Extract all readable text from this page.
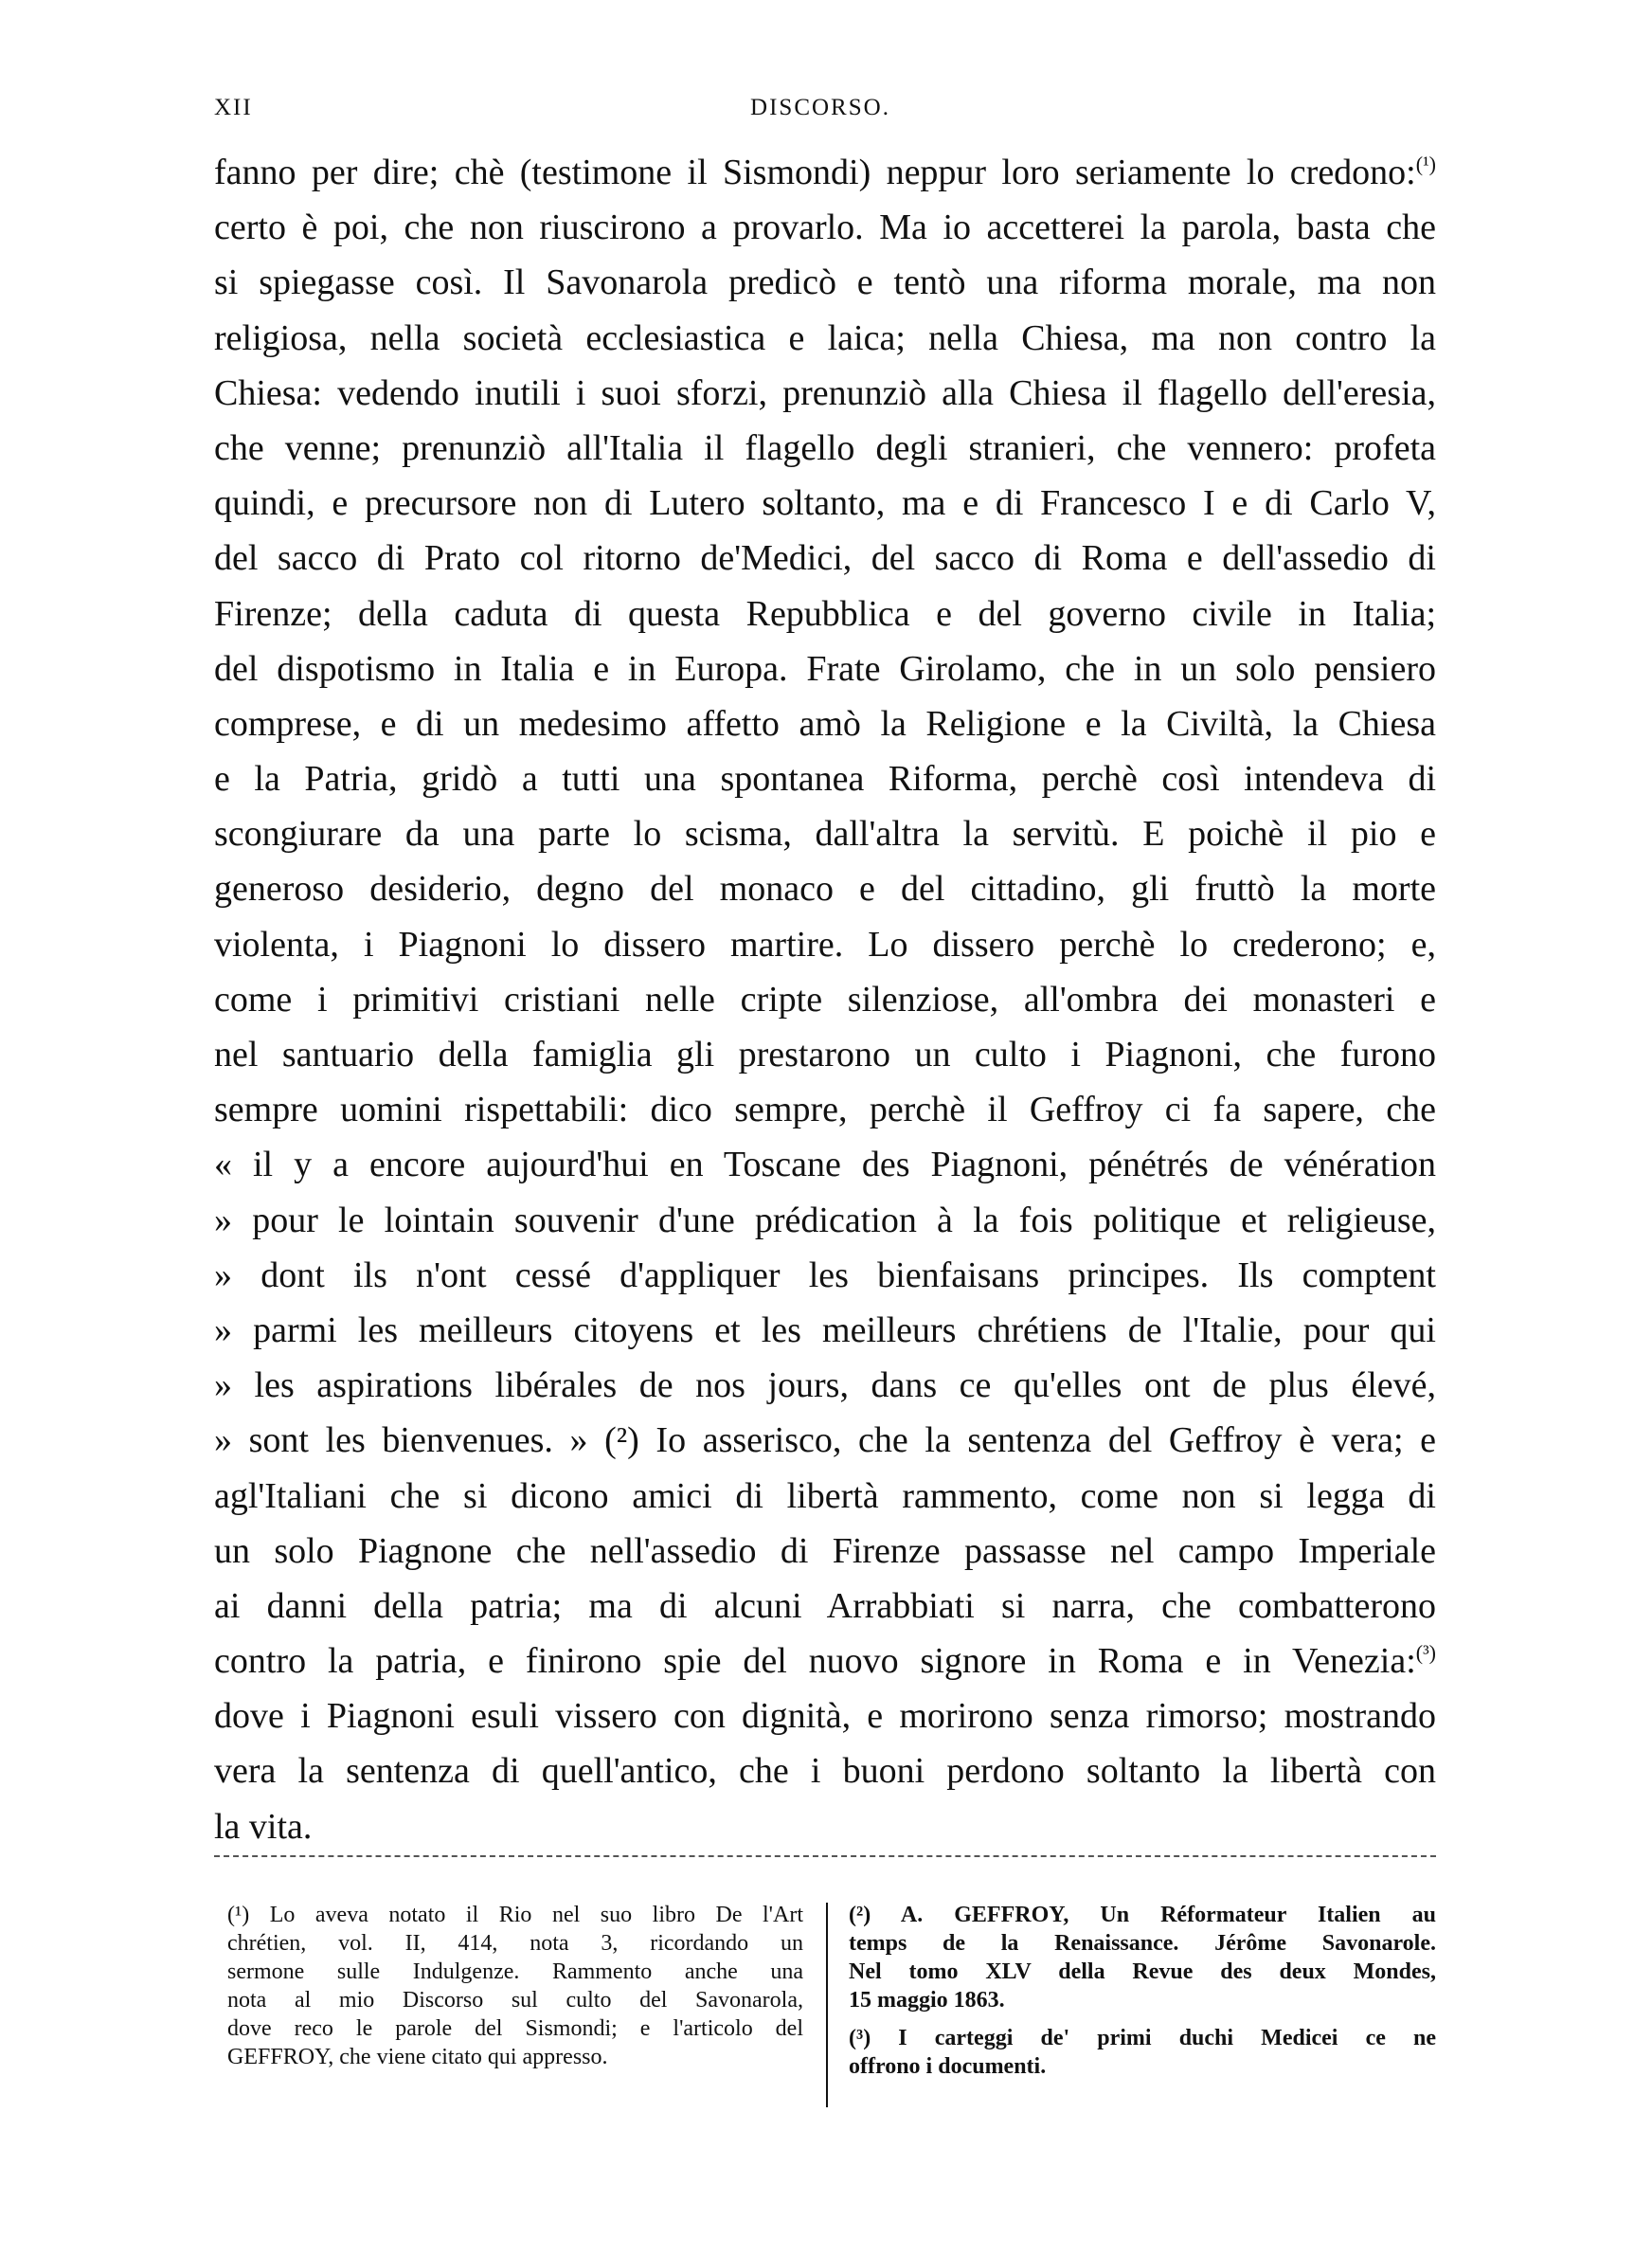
XII	DISCORSO.
fanno per dire; chè (testimone il Sismondi) neppur loro seriamente lo credono:$^{(^1)}$
certo è poi, che non riuscirono a provarlo. Ma io accetterei la parola, basta che
si spiegasse così. Il Savonarola predicò e tentò una riforma morale, ma non
religiosa, nella società ecclesiastica e laica; nella Chiesa, ma non contro la
Chiesa: vedendo inutili i suoi sforzi, prenunziò alla Chiesa il flagello dell'eresia,
che venne; prenunziò all'Italia il flagello degli stranieri, che vennero: profeta
quindi, e precursore non di Lutero soltanto, ma e di Francesco I e di Carlo V,
del sacco di Prato col ritorno de'Medici, del sacco di Roma e dell'assedio di
Firenze; della caduta di questa Repubblica e del governo civile in Italia;
del dispotismo in Italia e in Europa. Frate Girolamo, che in un solo pensiero
comprese, e di un medesimo affetto amò la Religione e la Civiltà, la Chiesa
e la Patria, gridò a tutti una spontanea Riforma, perchè così intendeva di
scongiurare da una parte lo scisma, dall'altra la servitù. E poichè il pio e
generoso desiderio, degno del monaco e del cittadino, gli fruttò la morte
violenta, i Piagnoni lo dissero martire. Lo dissero perchè lo crederono; e,
come i primitivi cristiani nelle cripte silenziose, all'ombra dei monasteri e
nel santuario della famiglia gli prestarono un culto i Piagnoni, che furono
sempre uomini rispettabili: dico sempre, perchè il Geffroy ci fa sapere, che
« il y a encore aujourd'hui en Toscane des Piagnoni, pénétrés de vénération
» pour le lointain souvenir d'une prédication à la fois politique et religieuse,
» dont ils n'ont cessé d'appliquer les bienfaisans principes. Ils comptent
» parmi les meilleurs citoyens et les meilleurs chrétiens de l'Italie, pour qui
» les aspirations libérales de nos jours, dans ce qu'elles ont de plus élevé,
» sont les bienvenues. » (²) Io asserisco, che la sentenza del Geffroy è vera; e
agl'Italiani che si dicono amici di libertà rammento, come non si legga di
un solo Piagnone che nell'assedio di Firenze passasse nel campo Imperiale
ai danni della patria; ma di alcuni Arrabbiati si narra, che combatterono
contro la patria, e finirono spie del nuovo signore in Roma e in Venezia:$^{(^3)}$
dove i Piagnoni esuli vissero con dignità, e morirono senza rimorso; mostrando
vera la sentenza di quell'antico, che i buoni perdono soltanto la libertà con
la vita.
(¹) Lo aveva notato il Rio nel suo libro De l'Art
chrétien, vol. II, 414, nota 3, ricordando un
sermone sulle Indulgenze. Rammento anche una
nota al mio Discorso sul culto del Savonarola,
dove reco le parole del Sismondi; e l'articolo del
GEFFROY, che viene citato qui appresso.
(²) A. GEFFROY, Un Réformateur Italien au
temps de la Renaissance. Jérôme Savonarole.
Nel tomo XLV della Revue des deux Mondes,
15 maggio 1863.
(³) I carteggi de' primi duchi Medicei ce ne
offrono i documenti.
